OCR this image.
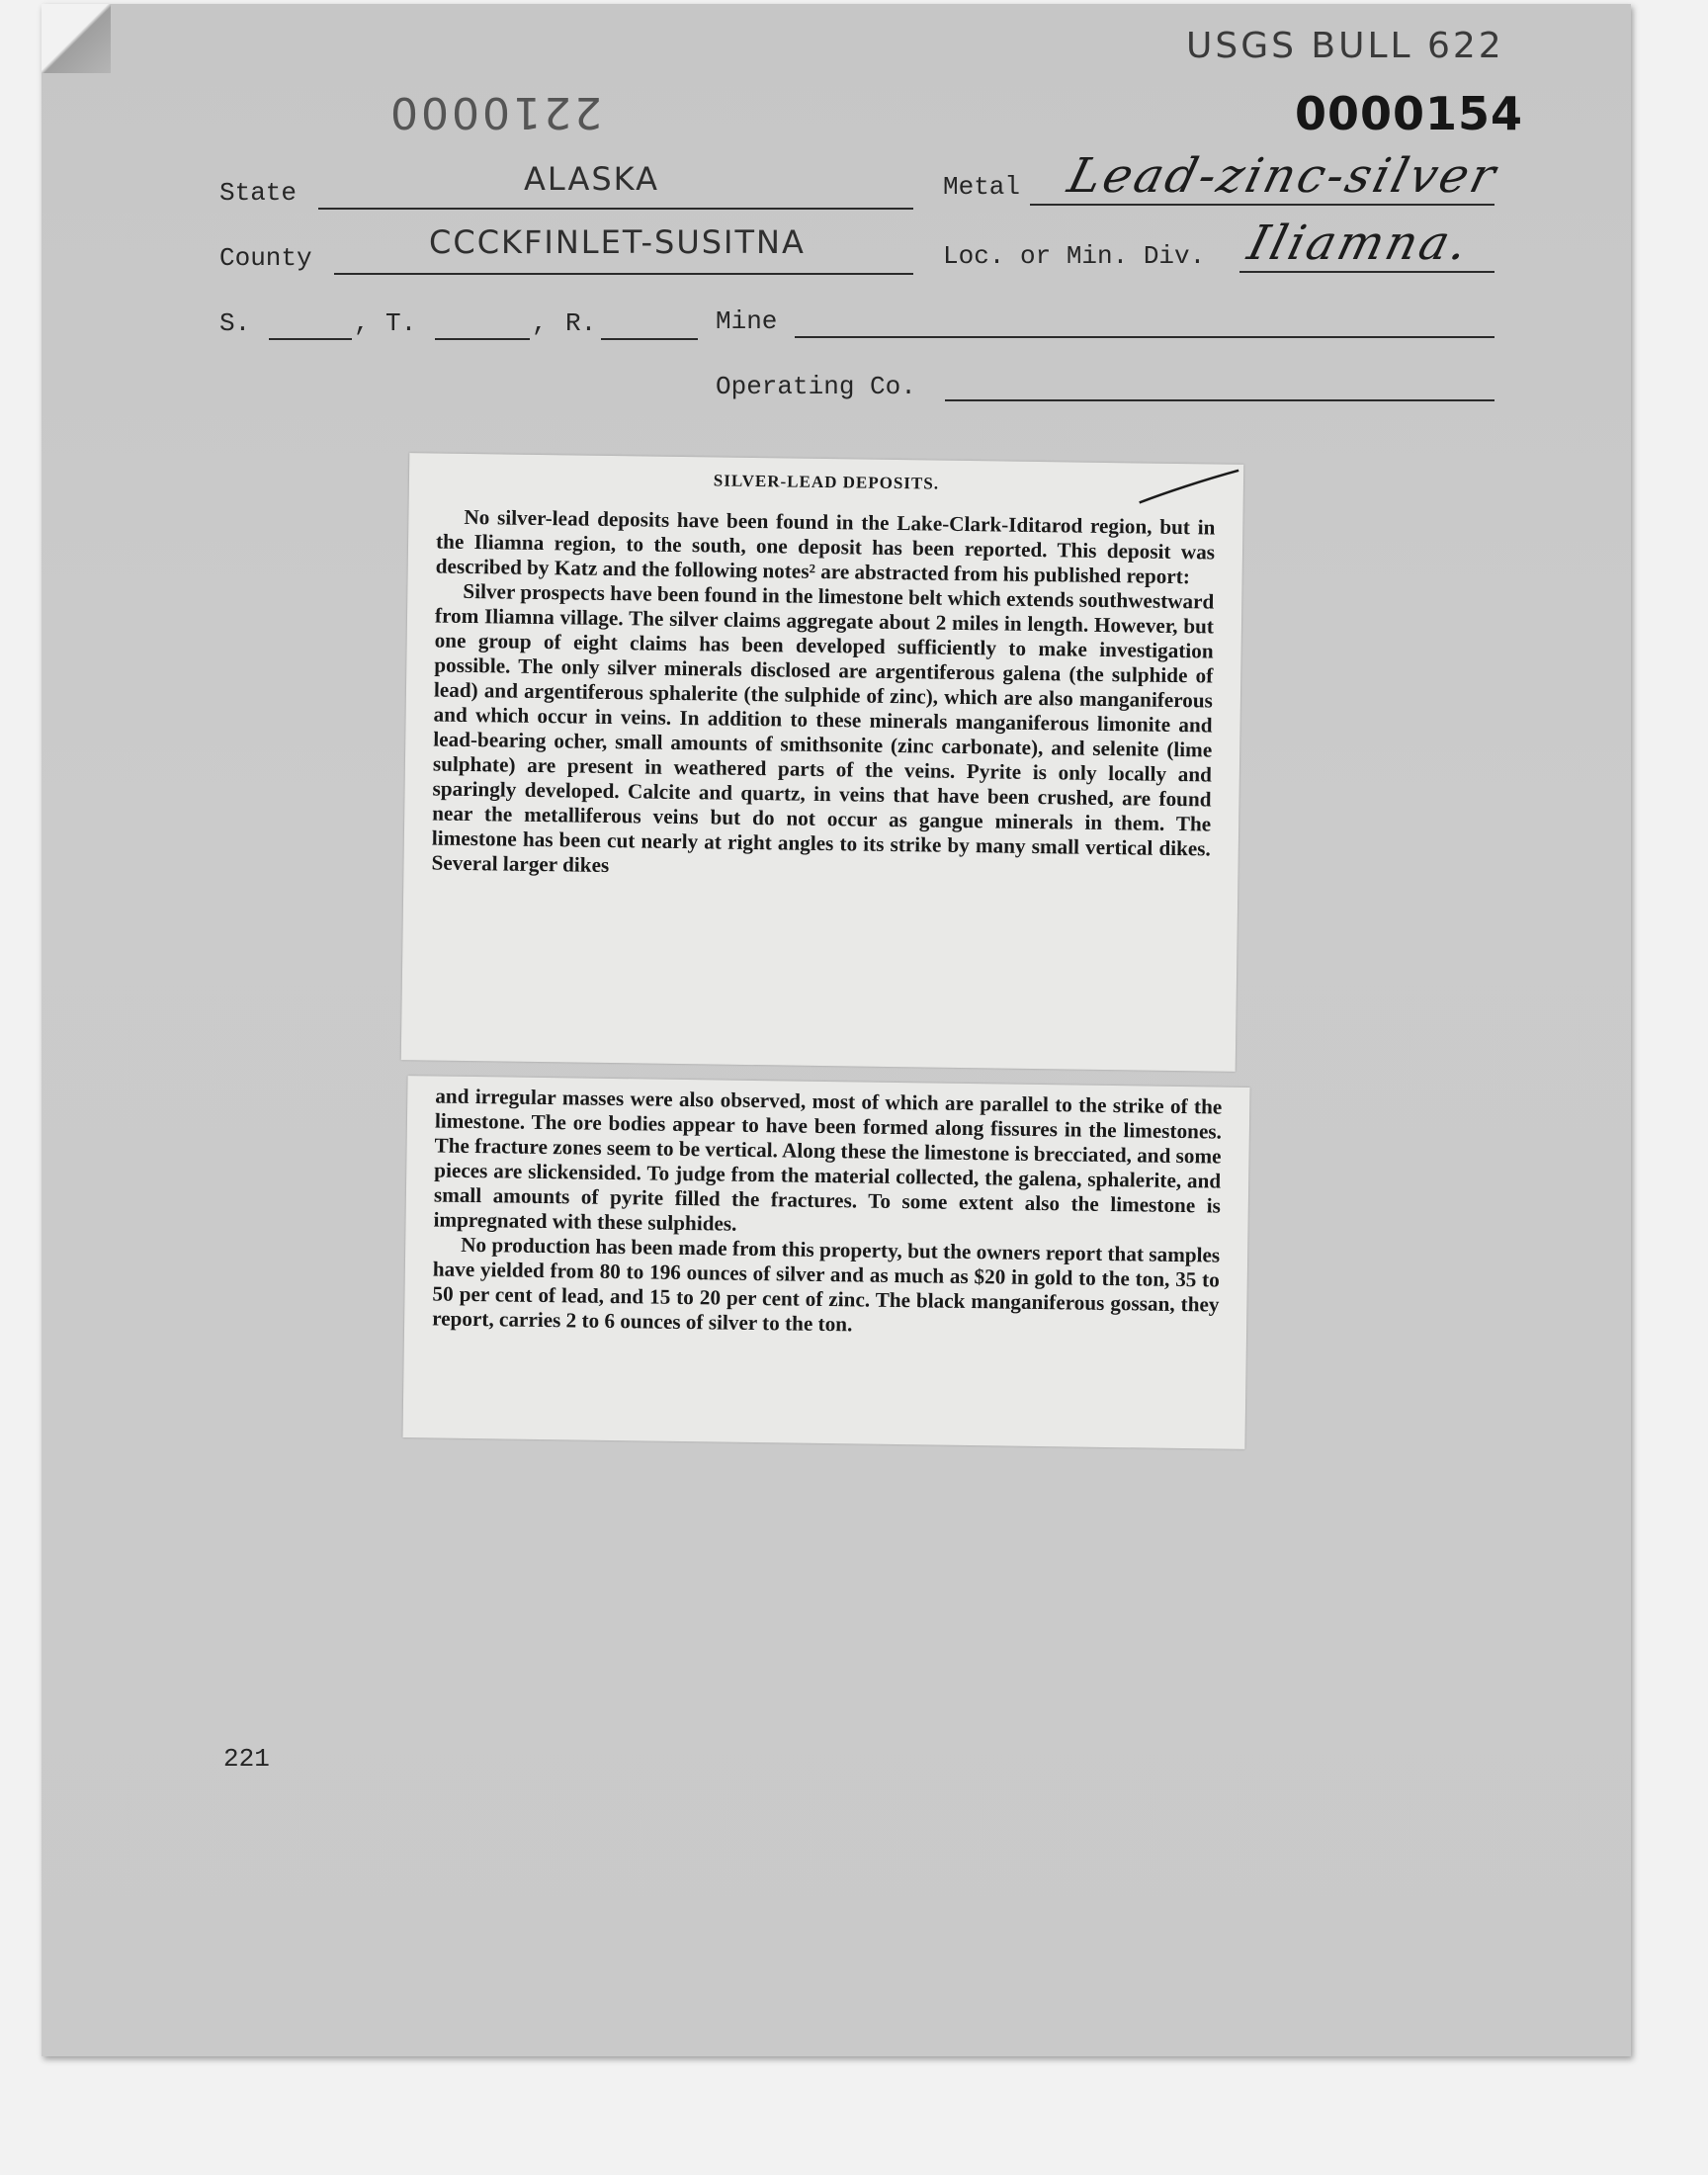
USGS BULL 622
2210000	0000154
State	ALASKA	Metal Lead-zinc-silver
County	CCCKFINLET-SUSITNA	Loc. or Min. Div. Iliamna.
S.	, T.	, R.	Mine
Operating Co.
SILVER-LEAD DEPOSITS.

No silver-lead deposits have been found in the Lake-Clark-Iditarod region, but in the Iliamna region, to the south, one deposit has been reported. This deposit was described by Katz and the following notes² are abstracted from his published report:

Silver prospects have been found in the limestone belt which extends southwestward from Iliamna village. The silver claims aggregate about 2 miles in length. However, but one group of eight claims has been developed sufficiently to make investigation possible. The only silver minerals disclosed are argentiferous galena (the sulphide of lead) and argentiferous sphalerite (the sulphide of zinc), which are also manganiferous and which occur in veins. In addition to these minerals manganiferous limonite and lead-bearing ocher, small amounts of smithsonite (zinc carbonate), and selenite (lime sulphate) are present in weathered parts of the veins. Pyrite is only locally and sparingly developed. Calcite and quartz, in veins that have been crushed, are found near the metalliferous veins but do not occur as gangue minerals in them. The limestone has been cut nearly at right angles to its strike by many small vertical dikes. Several larger dikes

and irregular masses were also observed, most of which are parallel to the strike of the limestone. The ore bodies appear to have been formed along fissures in the limestones. The fracture zones seem to be vertical. Along these the limestone is brecciated, and some pieces are slickensided. To judge from the material collected, the galena, sphalerite, and small amounts of pyrite filled the fractures. To some extent also the limestone is impregnated with these sulphides.

No production has been made from this property, but the owners report that samples have yielded from 80 to 196 ounces of silver and as much as $20 in gold to the ton, 35 to 50 per cent of lead, and 15 to 20 per cent of zinc. The black manganiferous gossan, they report, carries 2 to 6 ounces of silver to the ton.

221
